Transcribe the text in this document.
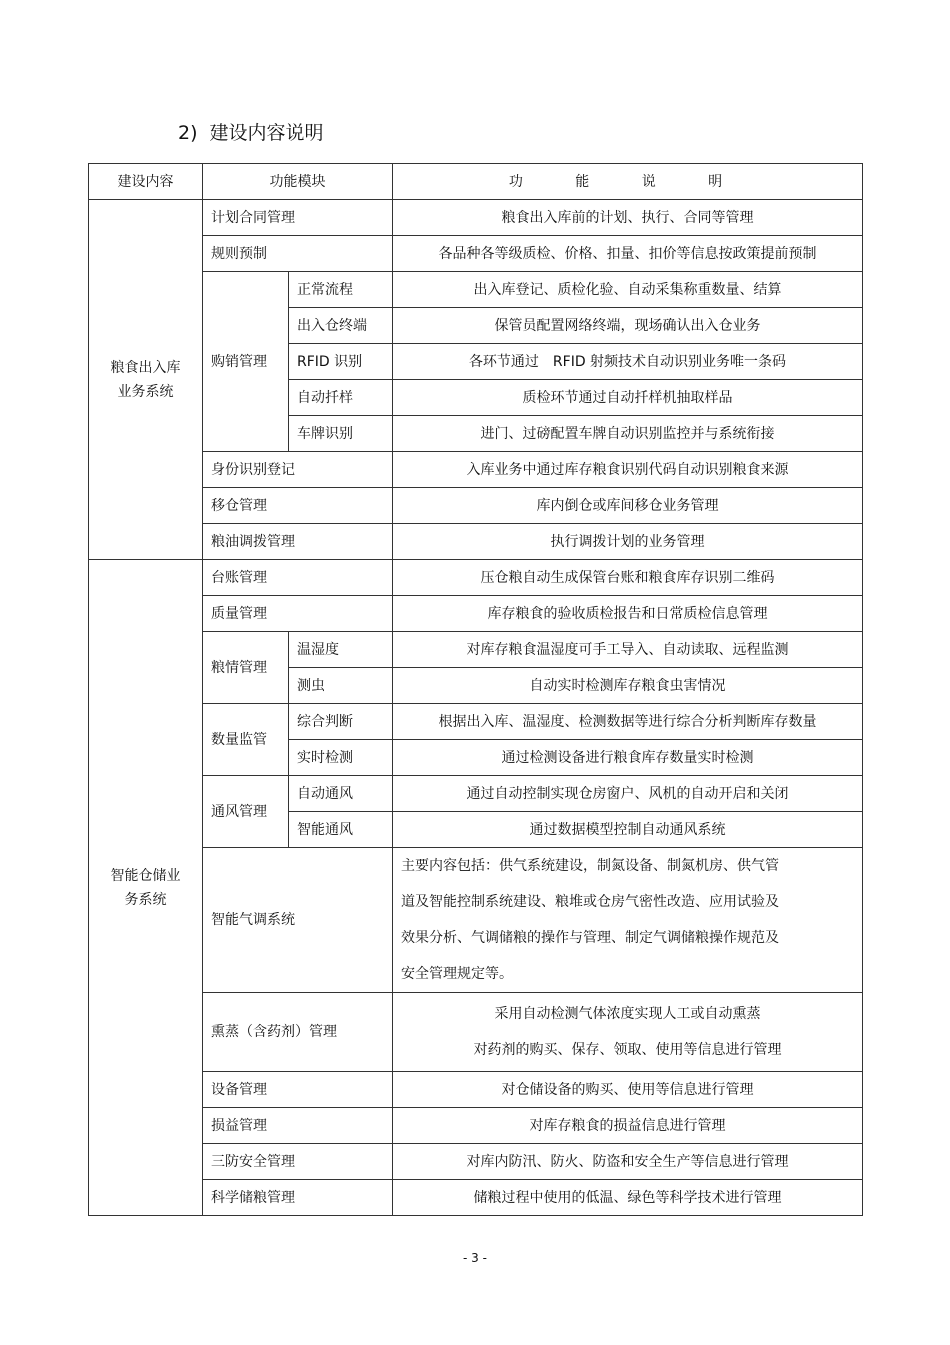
2) 建设内容说明
建设内容	功能模块		功 能 说 明

粮食出入库
业务系统	计划合同管理		粮食出入库前的计划、执行、合同等管理
	规则预制		各品种各等级质检、价格、扣量、扣价等信息按政策提前预制
	购销管理	正常流程	出入库登记、质检化验、自动采集称重数量、结算
		出入仓终端	保管员配置网络终端，现场确认出入仓业务
		RFID 识别	各环节通过　RFID 射频技术自动识别业务唯一条码
		自动扦样	质检环节通过自动扦样机抽取样品
		车牌识别	进门、过磅配置车牌自动识别监控并与系统衔接
	身份识别登记		入库业务中通过库存粮食识别代码自动识别粮食来源
	移仓管理		库内倒仓或库间移仓业务管理
	粮油调拨管理		执行调拨计划的业务管理

智能仓储业
务系统	台账管理		压仓粮自动生成保管台账和粮食库存识别二维码
	质量管理		库存粮食的验收质检报告和日常质检信息管理
	粮情管理	温湿度	对库存粮食温湿度可手工导入、自动读取、远程监测
		测虫	自动实时检测库存粮食虫害情况
	数量监管	综合判断	根据出入库、温湿度、检测数据等进行综合分析判断库存数量
		实时检测	通过检测设备进行粮食库存数量实时检测
	通风管理	自动通风	通过自动控制实现仓房窗户、风机的自动开启和关闭
		智能通风	通过数据模型控制自动通风系统
	智能气调系统		主要内容包括：供气系统建设，制氮设备、制氮机房、供气管
道及智能控制系统建设、粮堆或仓房气密性改造、应用试验及
效果分析、气调储粮的操作与管理、制定气调储粮操作规范及
安全管理规定等。

	熏蒸（含药剂）管理		采用自动检测气体浓度实现人工或自动熏蒸
对药剂的购买、保存、领取、使用等信息进行管理

	设备管理		对仓储设备的购买、使用等信息进行管理
	损益管理		对库存粮食的损益信息进行管理
	三防安全管理		对库内防汛、防火、防盗和安全生产等信息进行管理
	科学储粮管理		储粮过程中使用的低温、绿色等科学技术进行管理
- 3 -
